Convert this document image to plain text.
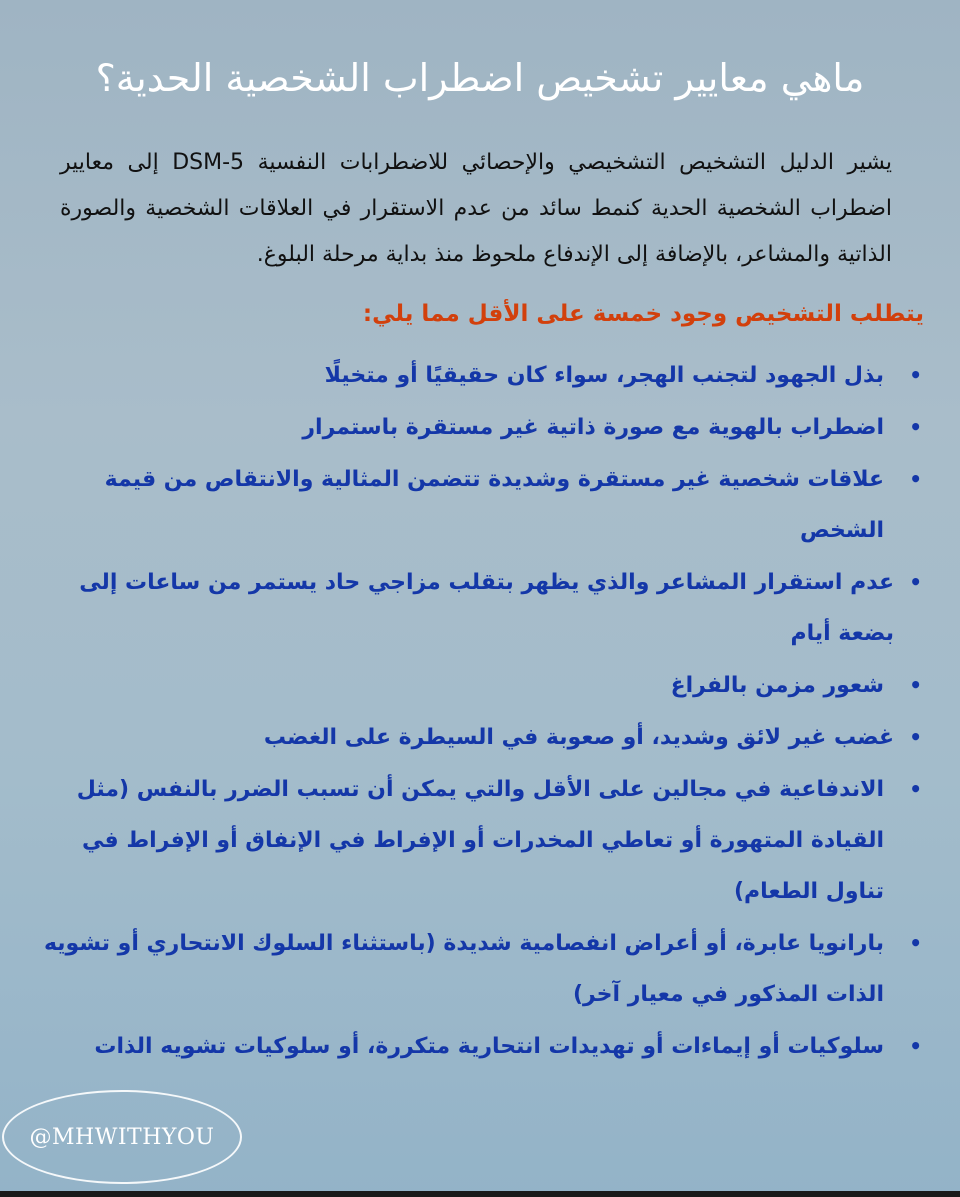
ماهي معايير تشخيص اضطراب الشخصية الحدية؟

يشير الدليل التشخيص التشخيصي والإحصائي للاضطرابات النفسية DSM-5 إلى معايير اضطراب الشخصية الحدية كنمط سائد من عدم الاستقرار في العلاقات الشخصية والصورة الذاتية والمشاعر، بالإضافة إلى الإندفاع ملحوظ منذ بداية مرحلة البلوغ.

يتطلب التشخيص وجود خمسة على الأقل مما يلي:

•
بذل الجهود لتجنب الهجر، سواء كان حقيقيًا أو متخيلًا
•
اضطراب بالهوية مع صورة ذاتية غير مستقرة باستمرار
•
علاقات شخصية غير مستقرة وشديدة تتضمن المثالية والانتقاص من قيمة الشخص
•
عدم استقرار المشاعر والذي يظهر بتقلب مزاجي حاد يستمر من ساعات إلى بضعة أيام
•
شعور مزمن بالفراغ
•
غضب غير لائق وشديد، أو صعوبة في السيطرة على الغضب
•
الاندفاعية في مجالين على الأقل والتي يمكن أن تسبب الضرر بالنفس (مثل القيادة المتهورة أو تعاطي المخدرات أو الإفراط في الإنفاق أو الإفراط في تناول الطعام)
•
بارانويا عابرة، أو أعراض انفصامية شديدة (باستثناء السلوك الانتحاري أو تشويه الذات المذكور في معيار آخر)
•
سلوكيات أو إيماءات أو تهديدات انتحارية متكررة، أو سلوكيات تشويه الذات
@MHWITHYOU
